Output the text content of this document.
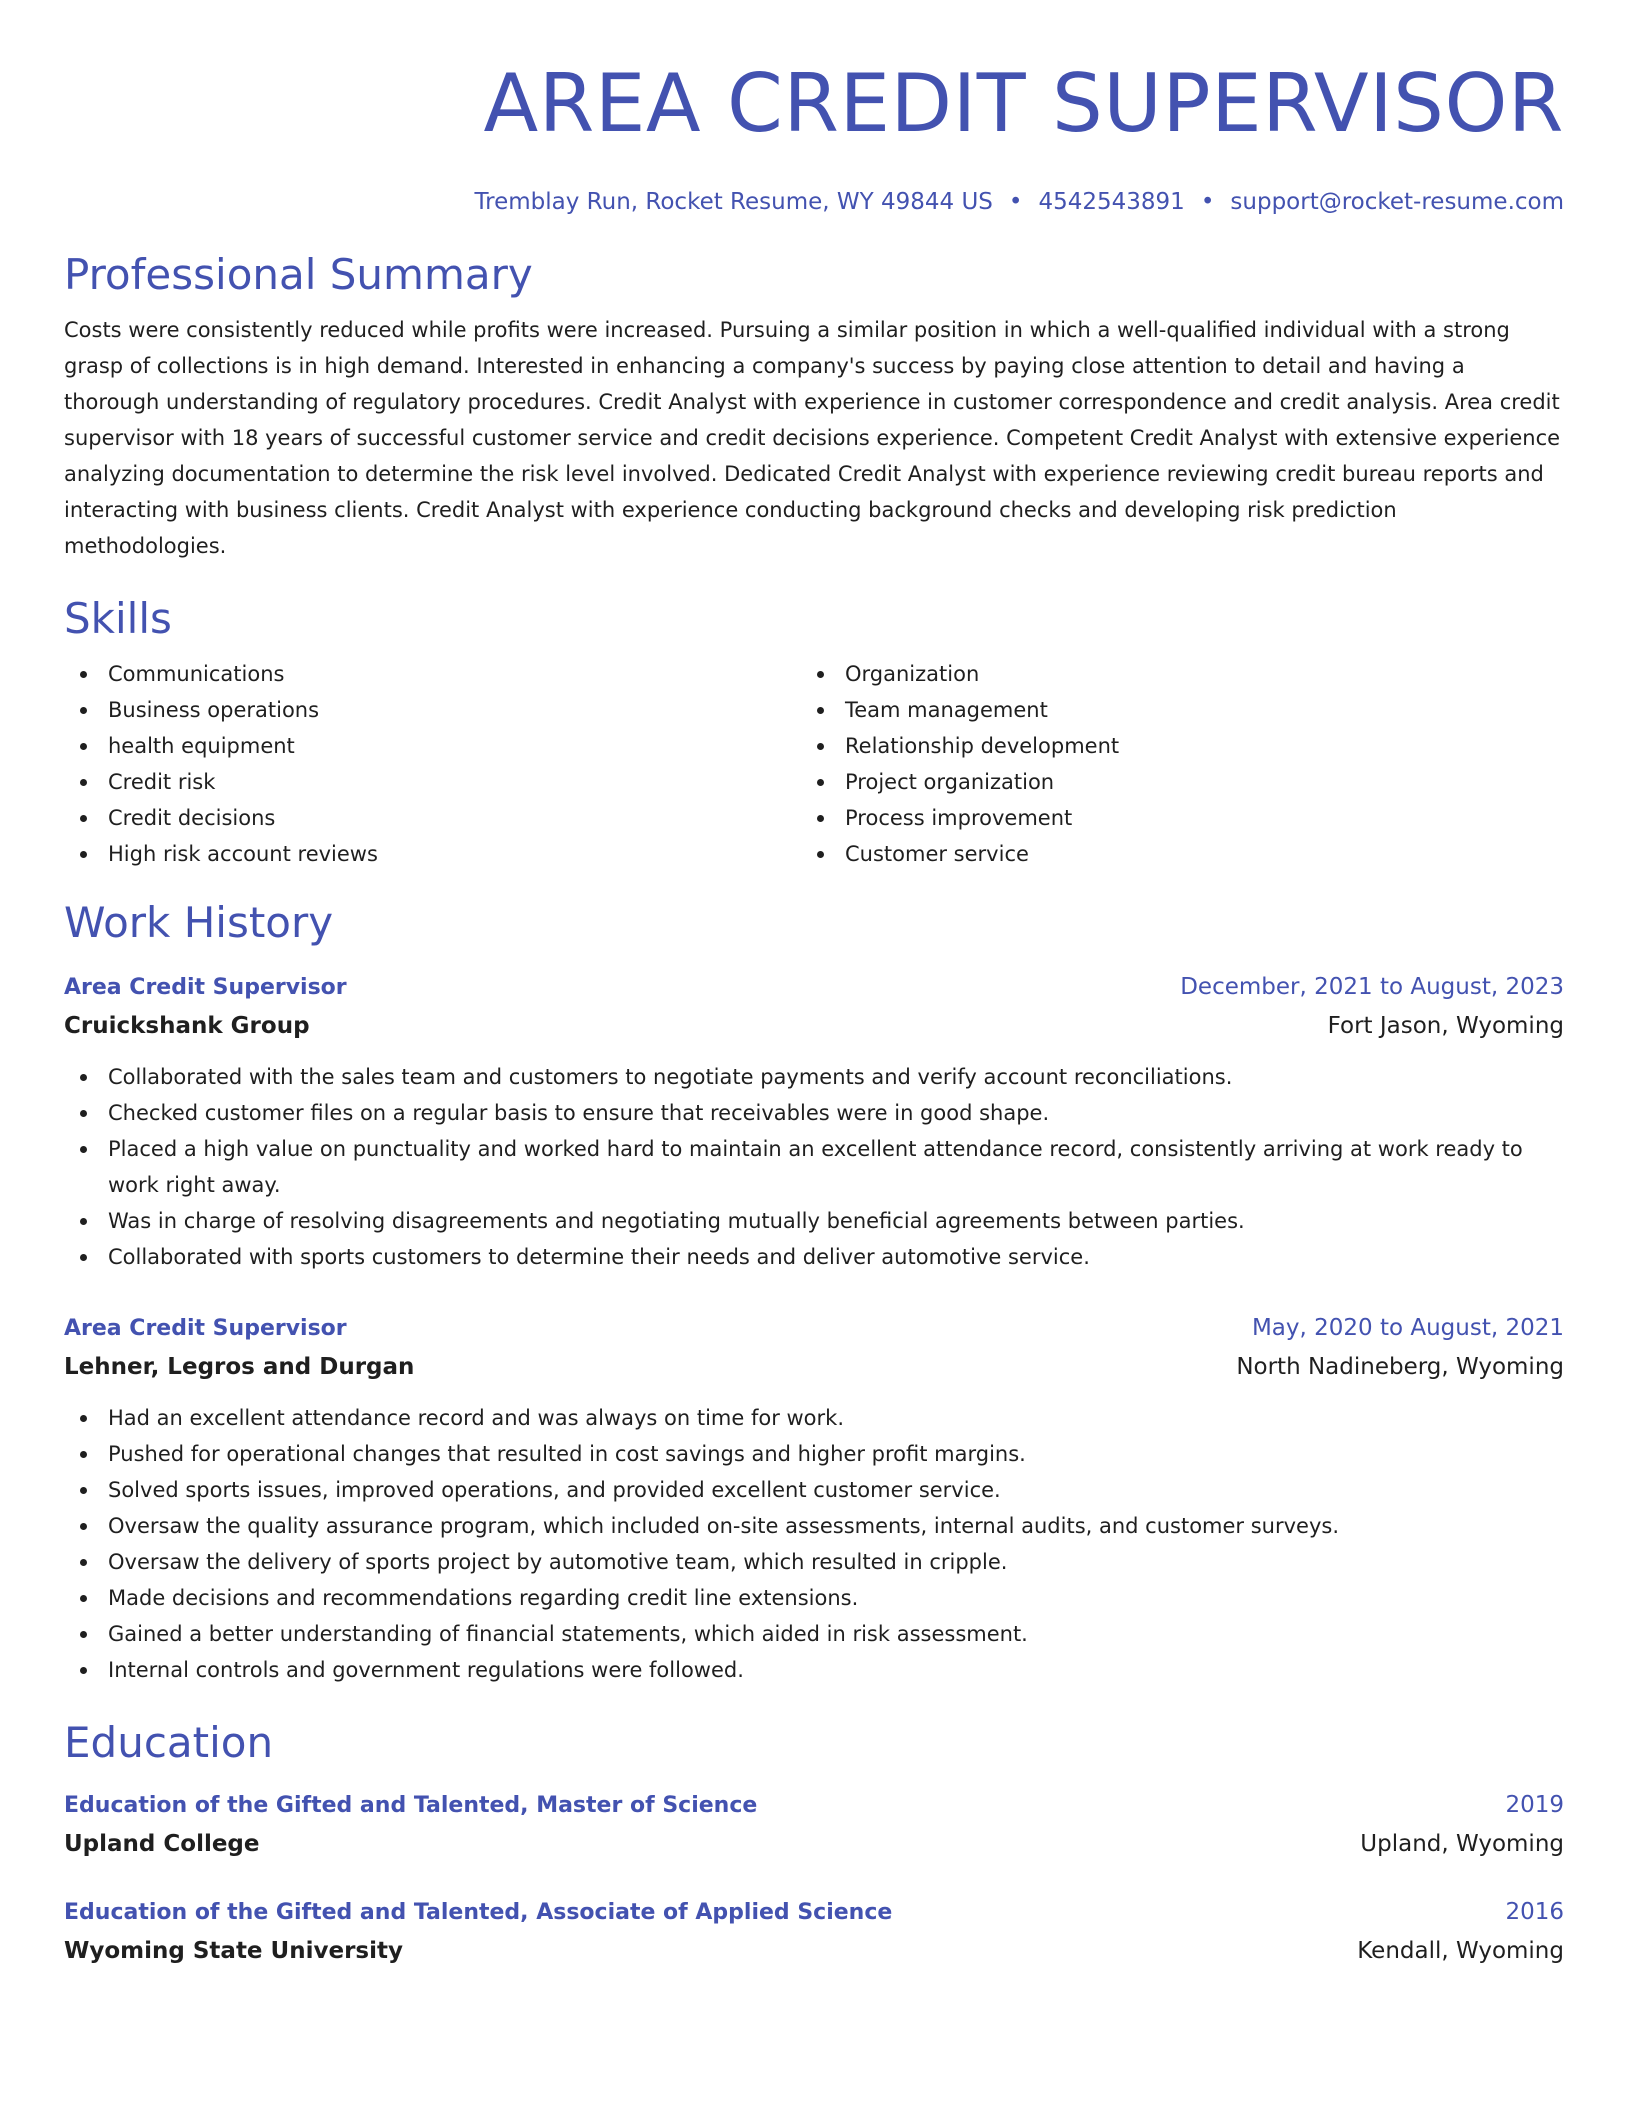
AREA CREDIT SUPERVISOR
Tremblay Run, Rocket Resume, WY 49844 US • 4542543891 • support@rocket-resume.com
Professional Summary
Costs were consistently reduced while profits were increased. Pursuing a similar position in which a well-qualified individual with a strong grasp of collections is in high demand. Interested in enhancing a company's success by paying close attention to detail and having a thorough understanding of regulatory procedures. Credit Analyst with experience in customer correspondence and credit analysis. Area credit supervisor with 18 years of successful customer service and credit decisions experience. Competent Credit Analyst with extensive experience analyzing documentation to determine the risk level involved. Dedicated Credit Analyst with experience reviewing credit bureau reports and interacting with business clients. Credit Analyst with experience conducting background checks and developing risk prediction methodologies.
Skills
Communications
Business operations
health equipment
Credit risk
Credit decisions
High risk account reviews
Organization
Team management
Relationship development
Project organization
Process improvement
Customer service
Work History
Area Credit Supervisor	December, 2021 to August, 2023
Cruickshank Group	Fort Jason, Wyoming
Collaborated with the sales team and customers to negotiate payments and verify account reconciliations.
Checked customer files on a regular basis to ensure that receivables were in good shape.
Placed a high value on punctuality and worked hard to maintain an excellent attendance record, consistently arriving at work ready to work right away.
Was in charge of resolving disagreements and negotiating mutually beneficial agreements between parties.
Collaborated with sports customers to determine their needs and deliver automotive service.
Area Credit Supervisor	May, 2020 to August, 2021
Lehner, Legros and Durgan	North Nadineberg, Wyoming
Had an excellent attendance record and was always on time for work.
Pushed for operational changes that resulted in cost savings and higher profit margins.
Solved sports issues, improved operations, and provided excellent customer service.
Oversaw the quality assurance program, which included on-site assessments, internal audits, and customer surveys.
Oversaw the delivery of sports project by automotive team, which resulted in cripple.
Made decisions and recommendations regarding credit line extensions.
Gained a better understanding of financial statements, which aided in risk assessment.
Internal controls and government regulations were followed.
Education
Education of the Gifted and Talented, Master of Science	2019
Upland College	Upland, Wyoming
Education of the Gifted and Talented, Associate of Applied Science	2016
Wyoming State University	Kendall, Wyoming
